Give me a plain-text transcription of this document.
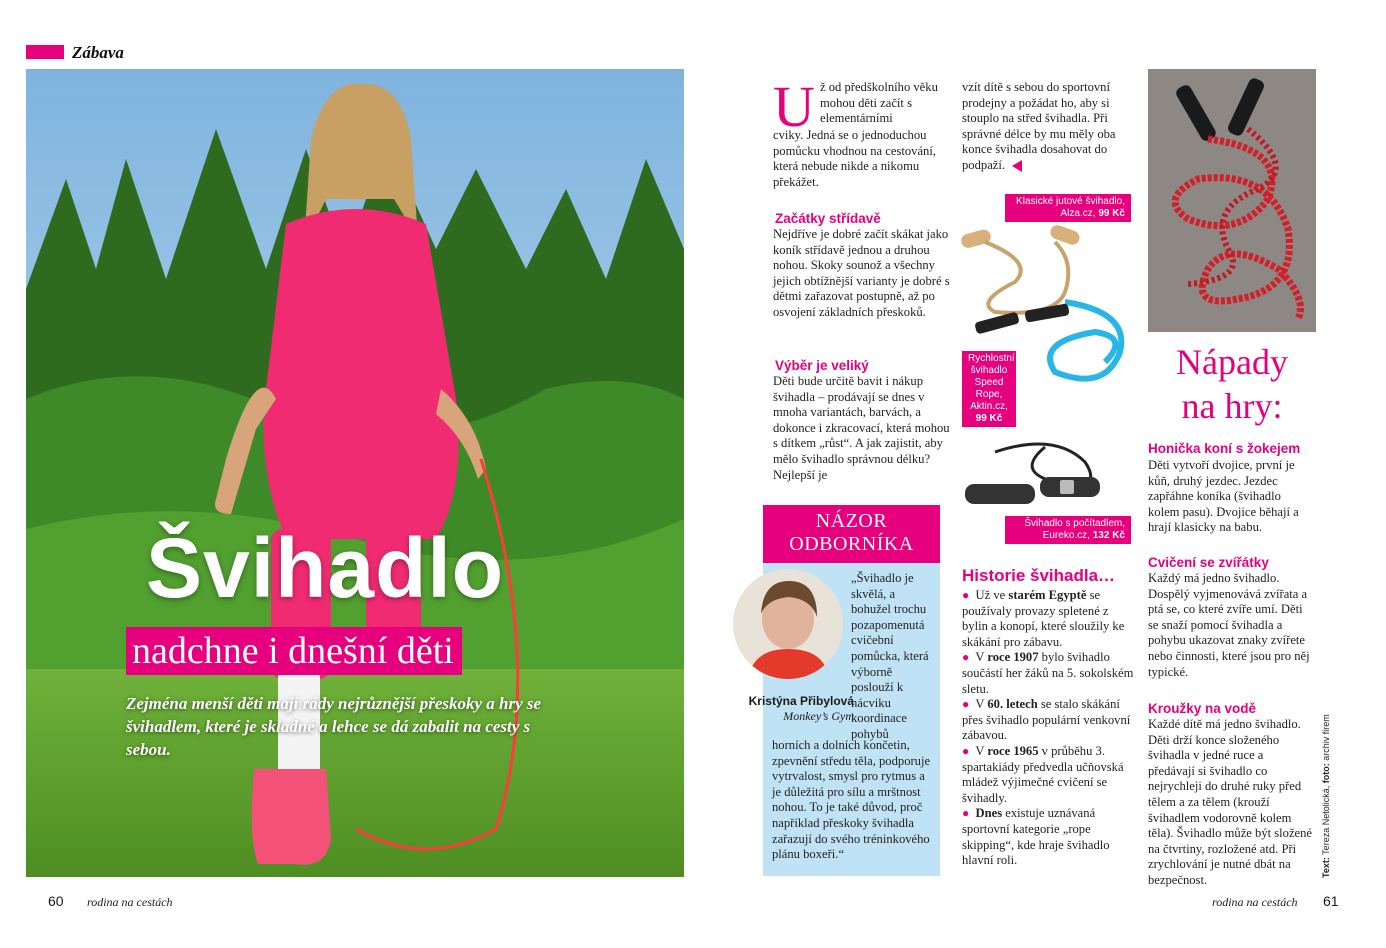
Zábava
Švihadlo
nadchne i dnešní děti
Zejména menší děti mají rády nejrůznější přeskoky a hry se švihadlem, které je skladné a lehce se dá zabalit na cesty s sebou.
60 rodina na cestách
U ž od předškolního věku mohou děti začít s elementárními
cviky. Jedná se o jednoduchou pomůcku vhodnou na cestování, která nebude nikde a nikomu překážet.
Začátky střídavě
Nejdříve je dobré začít skákat jako koník střídavě jednou a druhou nohou. Skoky sounož a všechny jejich obtížnější varianty je dobré s dětmi zařazovat postupně, až po osvojení základních přeskoků.
Výběr je veliký
Děti bude určitě bavit i nákup švihadla – prodávají se dnes v mnoha variantách, barvách, a dokonce i zkracovací, která mohou s dítkem „růst“. A jak zajistit, aby mělo švihadlo správnou délku? Nejlepší je
vzít dítě s sebou do sportovní prodejny a požádat ho, aby si stouplo na střed švihadla. Při správné délce by mu měly oba konce švihadla dosahovat do podpaží.
Klasické jutové švihadlo, Alza.cz, 99 Kč
Rychlostní švihadlo Speed Rope, Aktin.cz, 99 Kč
Švihadlo s počítadlem, Eureko.cz, 132 Kč
NÁZOR
ODBORNÍKA
Kristýna Přibylová
Monkey’s Gym
„Švihadlo je skvělá, a bohužel trochu pozapomenutá cvičební pomůcka, která výborně poslouží k nácviku koordinace pohybů
horních a dolních končetin, zpevnění středu těla, podporuje vytrvalost, smysl pro rytmus a je důležitá pro sílu a mrštnost nohou. To je také důvod, proč například přeskoky švihadla zařazují do svého tréninkového plánu boxeři.“
Historie švihadla…
● Už ve starém Egyptě se používaly provazy spletené z bylin a konopí, které sloužily ke skákání pro zábavu.
● V roce 1907 bylo švihadlo součástí her žáků na 5. sokolském sletu.
● V 60. letech se stalo skákání přes švihadlo populární venkovní zábavou.
● V roce 1965 v průběhu 3. spartakiády předvedla učňovská mládež výjimečné cvičení se švihadly.
● Dnes existuje uznávaná sportovní kategorie „rope skipping“, kde hraje švihadlo hlavní roli.
Nápady
na hry:
Honička koní s žokejem
Děti vytvoří dvojice, první je kůň, druhý jezdec. Jezdec zapřáhne koníka (švihadlo kolem pasu). Dvojice běhají a hrají klasicky na babu.
Cvičení se zvířátky
Každý má jedno švihadlo. Dospělý vyjmenovává zvířata a ptá se, co které zvíře umí. Děti se snaží pomocí švihadla a pohybu ukazovat znaky zvířete nebo činnosti, které jsou pro něj typické.
Kroužky na vodě
Každé dítě má jedno švihadlo. Děti drží konce složeného švihadla v jedné ruce a předávají si švihadlo co nejrychleji do druhé ruky před tělem a za tělem (krouží švihadlem vodorovně kolem těla). Švihadlo může být složené na čtvrtiny, rozložené atd. Při zrychlování je nutné dbát na bezpečnost.
Text: Tereza Netolická, foto: archiv firem
rodina na cestách 61
